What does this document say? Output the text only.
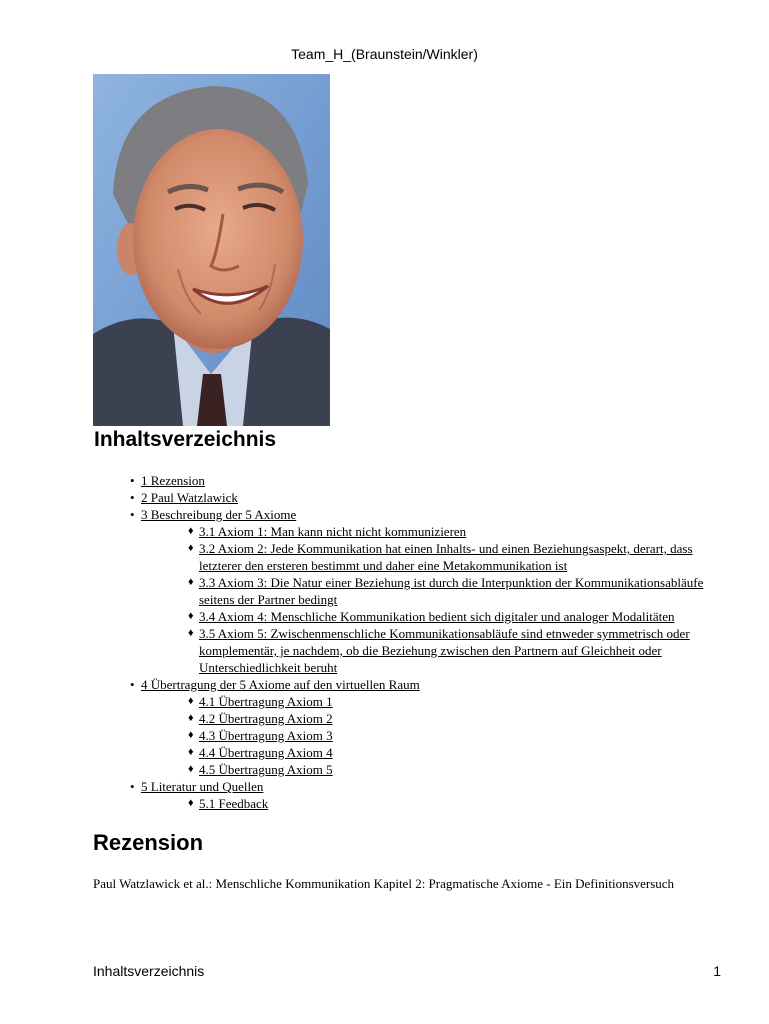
Team_H_(Braunstein/Winkler)
Inhaltsverzeichnis
• 1 Rezension
• 2 Paul Watzlawick
• 3 Beschreibung der 5 Axiome
♦ 3.1 Axiom 1: Man kann nicht nicht kommunizieren
♦ 3.2 Axiom 2: Jede Kommunikation hat einen Inhalts- und einen Beziehungsaspekt, derart, dass letzterer den ersteren bestimmt und daher eine Metakommunikation ist
♦ 3.3 Axiom 3: Die Natur einer Beziehung ist durch die Interpunktion der Kommunikationsabläufe seitens der Partner bedingt
♦ 3.4 Axiom 4: Menschliche Kommunikation bedient sich digitaler und analoger Modalitäten
♦ 3.5 Axiom 5: Zwischenmenschliche Kommunikationsabläufe sind etnweder symmetrisch oder komplementär, je nachdem, ob die Beziehung zwischen den Partnern auf Gleichheit oder Unterschiedlichkeit beruht
• 4 Übertragung der 5 Axiome auf den virtuellen Raum
♦ 4.1 Übertragung Axiom 1
♦ 4.2 Übertragung Axiom 2
♦ 4.3 Übertragung Axiom 3
♦ 4.4 Übertragung Axiom 4
♦ 4.5 Übertragung Axiom 5
• 5 Literatur und Quellen
♦ 5.1 Feedback
Rezension
Paul Watzlawick et al.: Menschliche Kommunikation Kapitel 2: Pragmatische Axiome - Ein Definitionsversuch
Inhaltsverzeichnis	1
